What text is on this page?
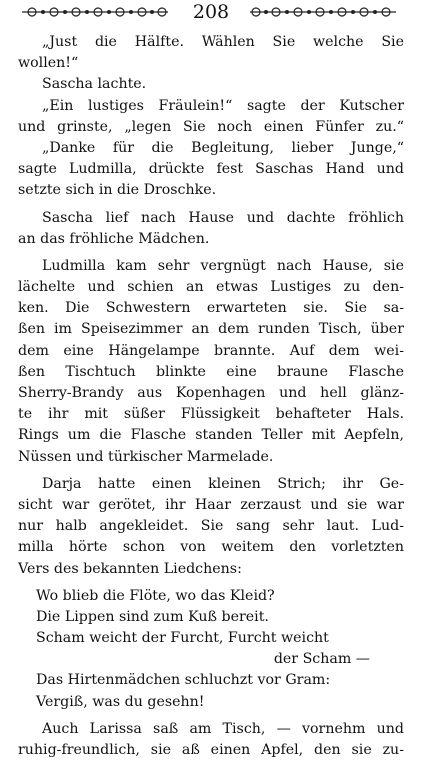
208
„Just die Hälfte. Wählen Sie welche Sie
wollen!“
Sascha lachte.
„Ein lustiges Fräulein!“ sagte der Kutscher
und grinste, „legen Sie noch einen Fünfer zu.“
„Danke für die Begleitung, lieber Junge,“
sagte Ludmilla, drückte fest Saschas Hand und
setzte sich in die Droschke.
Sascha lief nach Hause und dachte fröhlich
an das fröhliche Mädchen.
Ludmilla kam sehr vergnügt nach Hause, sie
lächelte und schien an etwas Lustiges zu den-
ken. Die Schwestern erwarteten sie. Sie sa-
ßen im Speisezimmer an dem runden Tisch, über
dem eine Hängelampe brannte. Auf dem wei-
ßen Tischtuch blinkte eine braune Flasche
Sherry-Brandy aus Kopenhagen und hell glänz-
te ihr mit süßer Flüssigkeit behafteter Hals.
Rings um die Flasche standen Teller mit Aepfeln,
Nüssen und türkischer Marmelade.
Darja hatte einen kleinen Strich; ihr Ge-
sicht war gerötet, ihr Haar zerzaust und sie war
nur halb angekleidet. Sie sang sehr laut. Lud-
milla hörte schon von weitem den vorletzten
Vers des bekannten Liedchens:
Wo blieb die Flöte, wo das Kleid?
Die Lippen sind zum Kuß bereit.
Scham weicht der Furcht, Furcht weicht
der Scham —
Das Hirtenmädchen schluchzt vor Gram:
Vergiß, was du gesehn!
Auch Larissa saß am Tisch, — vornehm und
ruhig-freundlich, sie aß einen Apfel, den sie zu-
